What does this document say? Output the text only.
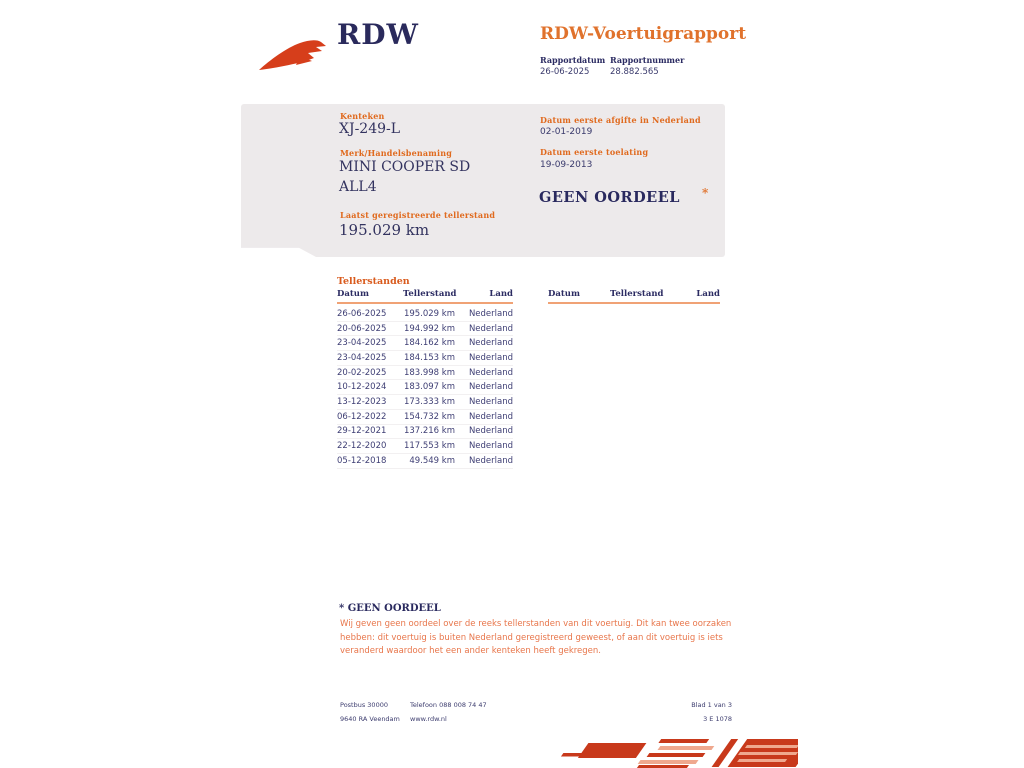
RDW	RDW-Voertuigrapport
Rapportdatum Rapportnummer
26-06-2025 28.882.565
Kenteken
XJ-249-L
Merk/Handelsbenaming
MINI COOPER SD
ALL4
Laatst geregistreerde tellerstand
195.029 km
Datum eerste afgifte in Nederland
02-01-2019
Datum eerste toelating
19-09-2013
GEEN OORDEEL *
Tellerstanden
Datum	Tellerstand	Land
26-06-2025	195.029 km	Nederland
20-06-2025	194.992 km	Nederland
23-04-2025	184.162 km	Nederland
23-04-2025	184.153 km	Nederland
20-02-2025	183.998 km	Nederland
10-12-2024	183.097 km	Nederland
13-12-2023	173.333 km	Nederland
06-12-2022	154.732 km	Nederland
29-12-2021	137.216 km	Nederland
22-12-2020	117.553 km	Nederland
05-12-2018	49.549 km	Nederland
Datum	Tellerstand	Land
* GEEN OORDEEL
Wij geven geen oordeel over de reeks tellerstanden van dit voertuig. Dit kan twee oorzaken hebben: dit voertuig is buiten Nederland geregistreerd geweest, of aan dit voertuig is iets veranderd waardoor het een ander kenteken heeft gekregen.
Postbus 30000
9640 RA Veendam
Telefoon 088 008 74 47
www.rdw.nl
Blad 1 van 3
3 E 1078
